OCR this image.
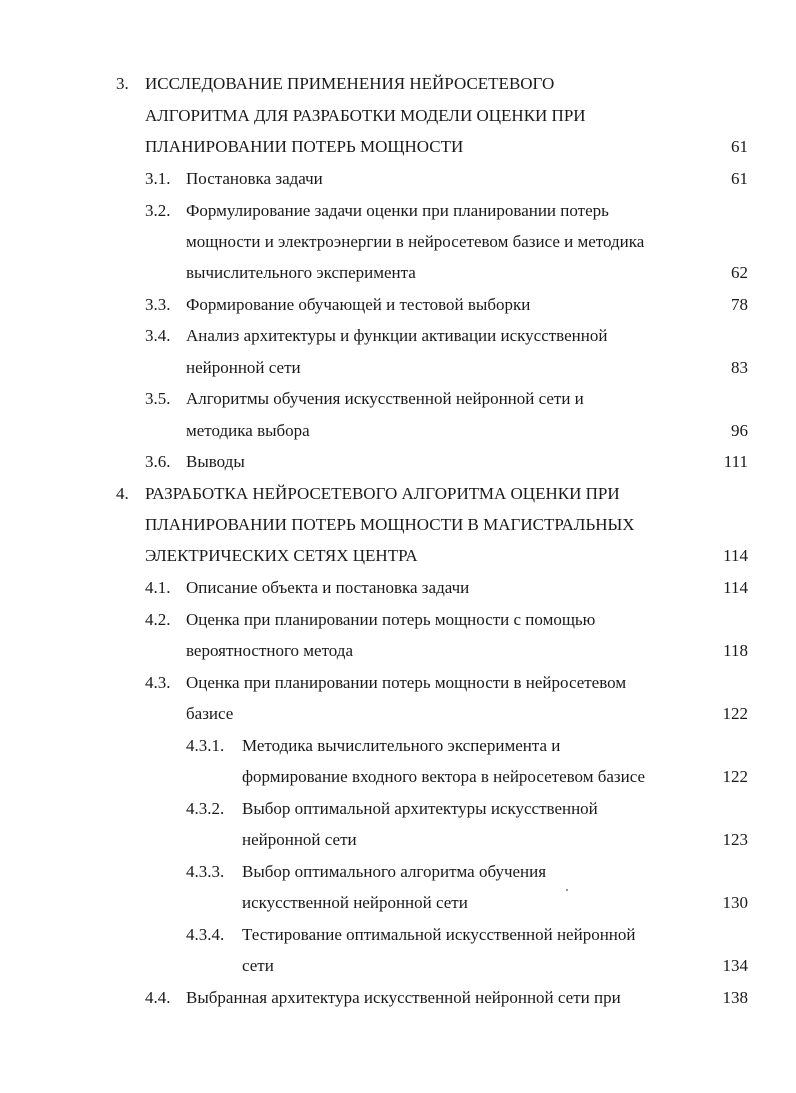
3. ИССЛЕДОВАНИЕ ПРИМЕНЕНИЯ НЕЙРОСЕТЕВОГО
АЛГОРИТМА ДЛЯ РАЗРАБОТКИ МОДЕЛИ ОЦЕНКИ ПРИ
ПЛАНИРОВАНИИ ПОТЕРЬ МОЩНОСТИ	61
3.1. Постановка задачи	61
3.2. Формулирование задачи оценки при планировании потерь
мощности и электроэнергии в нейросетевом базисе и методика
вычислительного эксперимента	62
3.3. Формирование обучающей и тестовой выборки	78
3.4. Анализ архитектуры и функции активации искусственной
нейронной сети	83
3.5. Алгоритмы обучения искусственной нейронной сети и
методика выбора	96
3.6. Выводы	111
4. РАЗРАБОТКА НЕЙРОСЕТЕВОГО АЛГОРИТМА ОЦЕНКИ ПРИ
ПЛАНИРОВАНИИ ПОТЕРЬ МОЩНОСТИ В МАГИСТРАЛЬНЫХ
ЭЛЕКТРИЧЕСКИХ СЕТЯХ ЦЕНТРА	114
4.1. Описание объекта и постановка задачи	114
4.2. Оценка при планировании потерь мощности с помощью
вероятностного метода	118
4.3. Оценка при планировании потерь мощности в нейросетевом
базисе	122
4.3.1. Методика вычислительного эксперимента и
формирование входного вектора в нейросетевом базисе	122
4.3.2. Выбор оптимальной архитектуры искусственной
нейронной сети	123
4.3.3. Выбор оптимального алгоритма обучения
искусственной нейронной сети	130
4.3.4. Тестирование оптимальной искусственной нейронной
сети	134
4.4. Выбранная архитектура искусственной нейронной сети при	138
